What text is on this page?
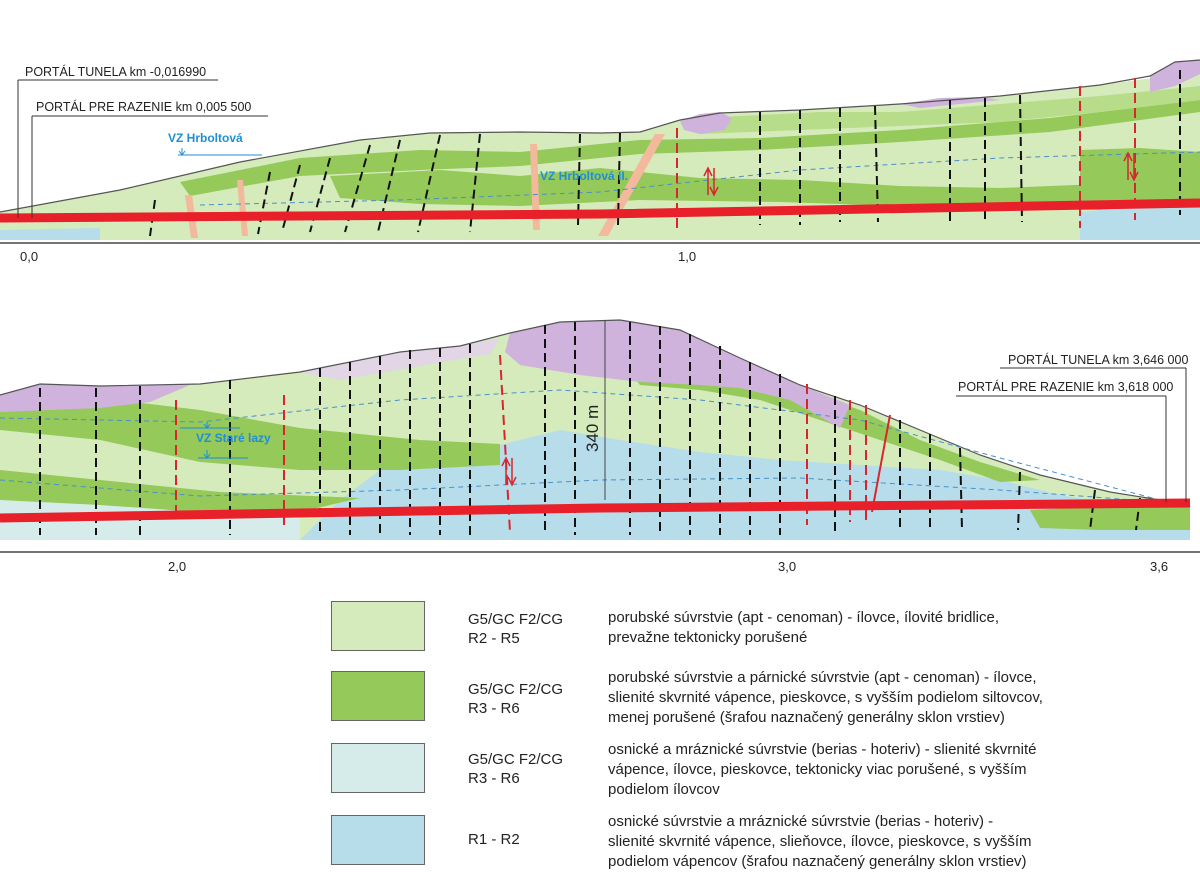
0,0	1,0
PORTÁL TUNELA km -0,016990
PORTÁL PRE RAZENIE km 0,005 500
VZ Hrboltová
VZ Hrboltová II.
340 m
2,0	3,0	3,6
PORTÁL TUNELA km 3,646 000
PORTÁL PRE RAZENIE km 3,618 000
VZ Staré lazy
G5/GC F2/CG
R2 - R5
porubské súvrstvie (apt - cenoman) - ílovce, ílovité bridlice,
prevažne tektonicky porušené
G5/GC F2/CG
R3 - R6
porubské súvrstvie a párnické súvrstvie (apt - cenoman) - ílovce,
slienité skvrnité vápence, pieskovce, s vyšším podielom siltovcov,
menej porušené (šrafou naznačený generálny sklon vrstiev)
G5/GC F2/CG
R3 - R6
osnické a mráznické súvrstvie (berias - hoteriv) - slienité skvrnité
vápence, ílovce, pieskovce, tektonicky viac porušené, s vyšším
podielom ílovcov
R1 - R2
osnické súvrstvie a mráznické súvrstvie (berias - hoteriv) -
slienité skvrnité vápence, slieňovce, ílovce, pieskovce, s vyšším
podielom vápencov (šrafou naznačený generálny sklon vrstiev)
